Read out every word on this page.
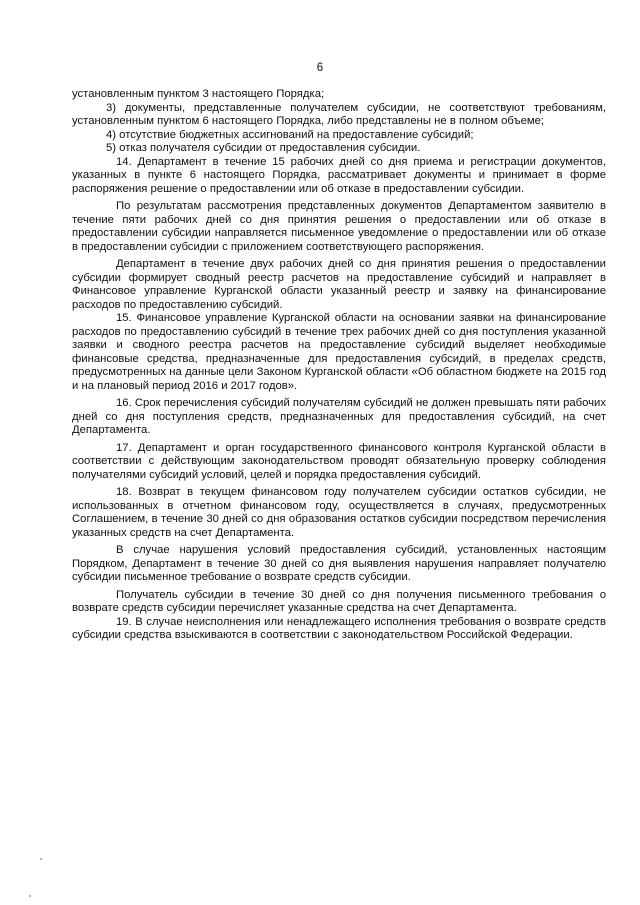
6

установленным пунктом 3 настоящего Порядка;

3) документы, представленные получателем субсидии, не соответствуют требованиям, установленным пунктом 6 настоящего Порядка, либо представлены не в полном объеме;

4) отсутствие бюджетных ассигнований на предоставление субсидий;

5) отказ получателя субсидии от предоставления субсидии.

14. Департамент в течение 15 рабочих дней со дня приема и регистрации документов, указанных в пункте 6 настоящего Порядка, рассматривает документы и принимает в форме распоряжения решение о предоставлении или об отказе в предоставлении субсидии.

По результатам рассмотрения представленных документов Департаментом заявителю в течение пяти рабочих дней со дня принятия решения о предоставлении или об отказе в предоставлении субсидии направляется письменное уведомление о предоставлении или об отказе в предоставлении субсидии с приложением соответствующего распоряжения.

Департамент в течение двух рабочих дней со дня принятия решения о предоставлении субсидии формирует сводный реестр расчетов на предоставление субсидий и направляет в Финансовое управление Курганской области указанный реестр и заявку на финансирование расходов по предоставлению субсидий.

15. Финансовое управление Курганской области на основании заявки на финансирование расходов по предоставлению субсидий в течение трех рабочих дней со дня поступления указанной заявки и сводного реестра расчетов на предоставление субсидий выделяет необходимые финансовые средства, предназначенные для предоставления субсидий, в пределах средств, предусмотренных на данные цели Законом Курганской области «Об областном бюджете на 2015 год и на плановый период 2016 и 2017 годов».

16. Срок перечисления субсидий получателям субсидий не должен превышать пяти рабочих дней со дня поступления средств, предназначенных для предоставления субсидий, на счет Департамента.

17. Департамент и орган государственного финансового контроля Курганской области в соответствии с действующим законодательством проводят обязательную проверку соблюдения получателями субсидий условий, целей и порядка предоставления субсидий.

18. Возврат в текущем финансовом году получателем субсидии остатков субсидии, не использованных в отчетном финансовом году, осуществляется в случаях, предусмотренных Соглашением, в течение 30 дней со дня образования остатков субсидии посредством перечисления указанных средств на счет Департамента.

В случае нарушения условий предоставления субсидий, установленных настоящим Порядком, Департамент в течение 30 дней со дня выявления нарушения направляет получателю субсидии письменное требование о возврате средств субсидии.

Получатель субсидии в течение 30 дней со дня получения письменного требования о возврате средств субсидии перечисляет указанные средства на счет Департамента.

19. В случае неисполнения или ненадлежащего исполнения требования о возврате средств субсидии средства взыскиваются в соответствии с законодательством Российской Федерации.
